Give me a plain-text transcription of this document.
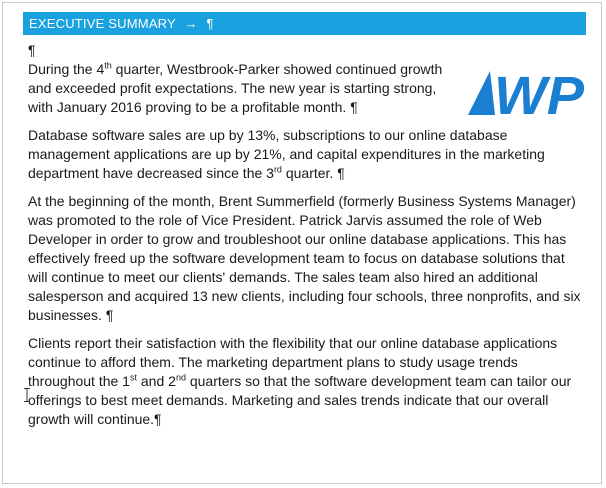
EXECUTIVE SUMMARY → ¶
¶

During the 4th quarter, Westbrook-Parker showed continued growth and exceeded profit expectations. The new year is starting strong, with January 2016 proving to be a profitable month. ¶

Database software sales are up by 13%, subscriptions to our online database management applications are up by 21%, and capital expenditures in the marketing department have decreased since the 3rd quarter. ¶

At the beginning of the month, Brent Summerfield (formerly Business Systems Manager) was promoted to the role of Vice President. Patrick Jarvis assumed the role of Web Developer in order to grow and troubleshoot our online database applications. This has effectively freed up the software development team to focus on database solutions that will continue to meet our clients' demands. The sales team also hired an additional salesperson and acquired 13 new clients, including four schools, three nonprofits, and six businesses. ¶

Clients report their satisfaction with the flexibility that our online database applications continue to afford them. The marketing department plans to study usage trends throughout the 1st and 2nd quarters so that the software development team can tailor our offerings to best meet demands. Marketing and sales trends indicate that our overall growth will continue.¶

WP
